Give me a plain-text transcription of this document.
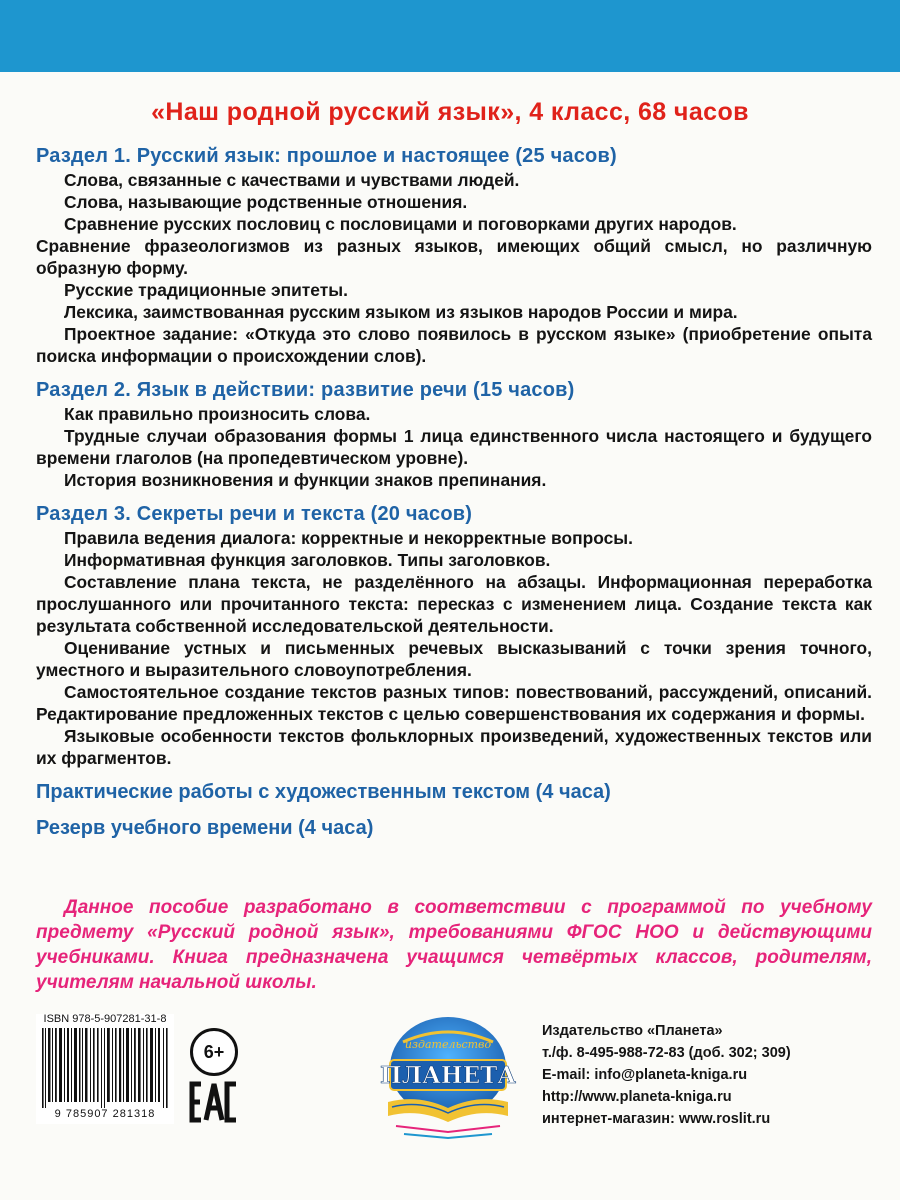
«Наш родной русский язык», 4 класс, 68 часов
Раздел 1. Русский язык: прошлое и настоящее (25 часов)
Слова, связанные с качествами и чувствами людей.
Слова, называющие родственные отношения.
Сравнение русских пословиц с пословицами и поговорками других народов.
Сравнение фразеологизмов из разных языков, имеющих общий смысл, но различную образную форму.
Русские традиционные эпитеты.
Лексика, заимствованная русским языком из языков народов России и мира.
Проектное задание: «Откуда это слово появилось в русском языке» (приобретение опыта поиска информации о происхождении слов).
Раздел 2. Язык в действии: развитие речи (15 часов)
Как правильно произносить слова.
Трудные случаи образования формы 1 лица единственного числа настоящего и будущего времени глаголов (на пропедевтическом уровне).
История возникновения и функции знаков препинания.
Раздел 3. Секреты речи и текста (20 часов)
Правила ведения диалога: корректные и некорректные вопросы.
Информативная функция заголовков. Типы заголовков.
Составление плана текста, не разделённого на абзацы. Информационная переработка прослушанного или прочитанного текста: пересказ с изменением лица. Создание текста как результата собственной исследовательской деятельности.
Оценивание устных и письменных речевых высказываний с точки зрения точного, уместного и выразительного словоупотребления.
Самостоятельное создание текстов разных типов: повествований, рассуждений, описаний. Редактирование предложенных текстов с целью совершенствования их содержания и формы.
Языковые особенности текстов фольклорных произведений, художественных текстов или их фрагментов.
Практические работы с художественным текстом (4 часа)
Резерв учебного времени (4 часа)
Данное пособие разработано в соответствии с программой по учебному предмету «Русский родной язык», требованиями ФГОС НОО и действующими учебниками. Книга предназначена учащимся четвёртых классов, родителям, учителям начальной школы.
ISBN 978-5-907281-31-8
9 785907 281318
6+	издательство
ПЛАНЕТА
Издательство «Планета»
т./ф. 8-495-988-72-83 (доб. 302; 309)
E-mail: info@planeta-kniga.ru
http://www.planeta-kniga.ru
интернет-магазин: www.roslit.ru
